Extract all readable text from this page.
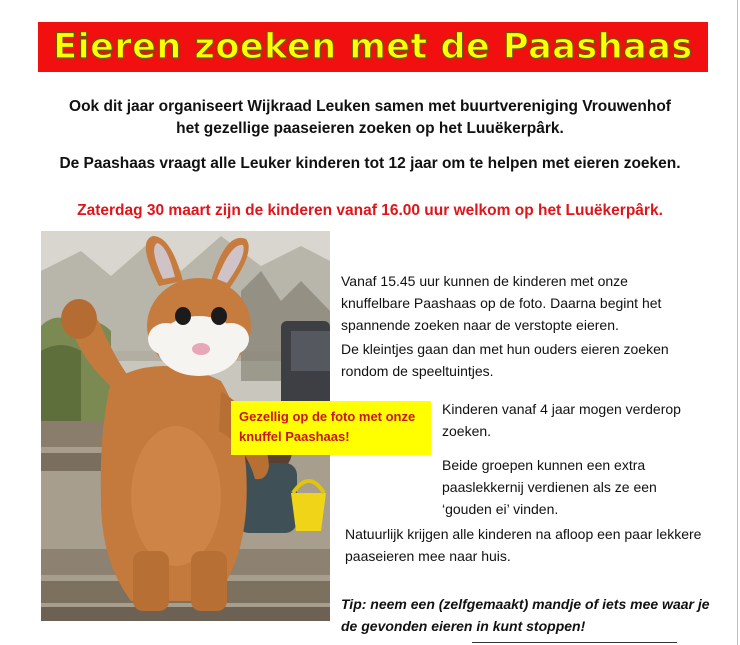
Eieren zoeken met de Paashaas
Ook dit jaar organiseert Wijkraad Leuken samen met buurtvereniging Vrouwenhof het gezellige paaseieren zoeken op het Luuëkerpârk.
De Paashaas vraagt alle Leuker kinderen tot 12 jaar om te helpen met eieren zoeken.
Zaterdag 30 maart zijn de kinderen vanaf 16.00 uur welkom op het Luuëkerpârk.
Vanaf 15.45 uur kunnen de kinderen met onze knuffelbare Paashaas op de foto. Daarna begint het spannende zoeken naar de verstopte eieren.
De kleintjes gaan dan met hun ouders eieren zoeken rondom de speeltuintjes.
Kinderen vanaf 4 jaar mogen verderop zoeken.
Beide groepen kunnen een extra paaslekkernij verdienen als ze een ‘gouden ei’ vinden.
Natuurlijk krijgen alle kinderen na afloop een paar lekkere paaseieren mee naar huis.
Tip: neem een (zelfgemaakt) mandje of iets mee waar je de gevonden eieren in kunt stoppen!
Gezellig op de foto met onze knuffel Paashaas!
